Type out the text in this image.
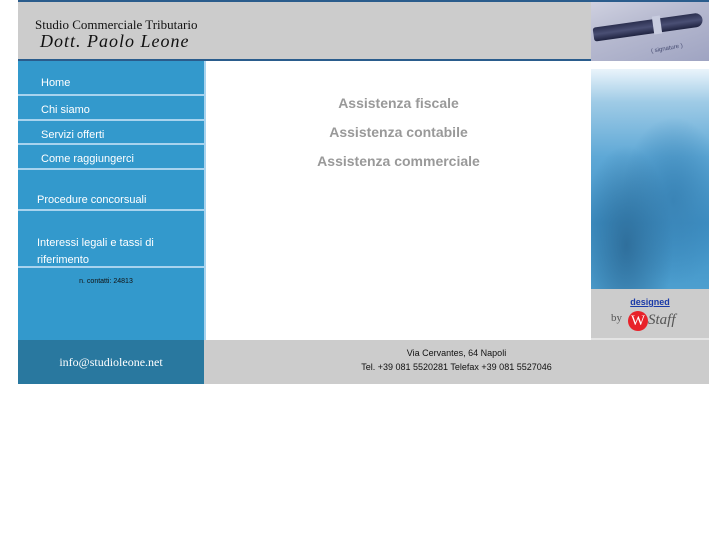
Studio Commerciale Tributario
Dott. Paolo Leone	( signature )
Home
Chi siamo
Servizi offerti
Come raggiungerci
Procedure concorsuali
Interessi legali e tassi di riferimento
n. contatti: 24813
Assistenza fiscale
Assistenza contabile
Assistenza commerciale
designed
by W Staff
info@studioleone.net
Via Cervantes, 64 Napoli
Tel. +39 081 5520281 Telefax +39 081 5527046
